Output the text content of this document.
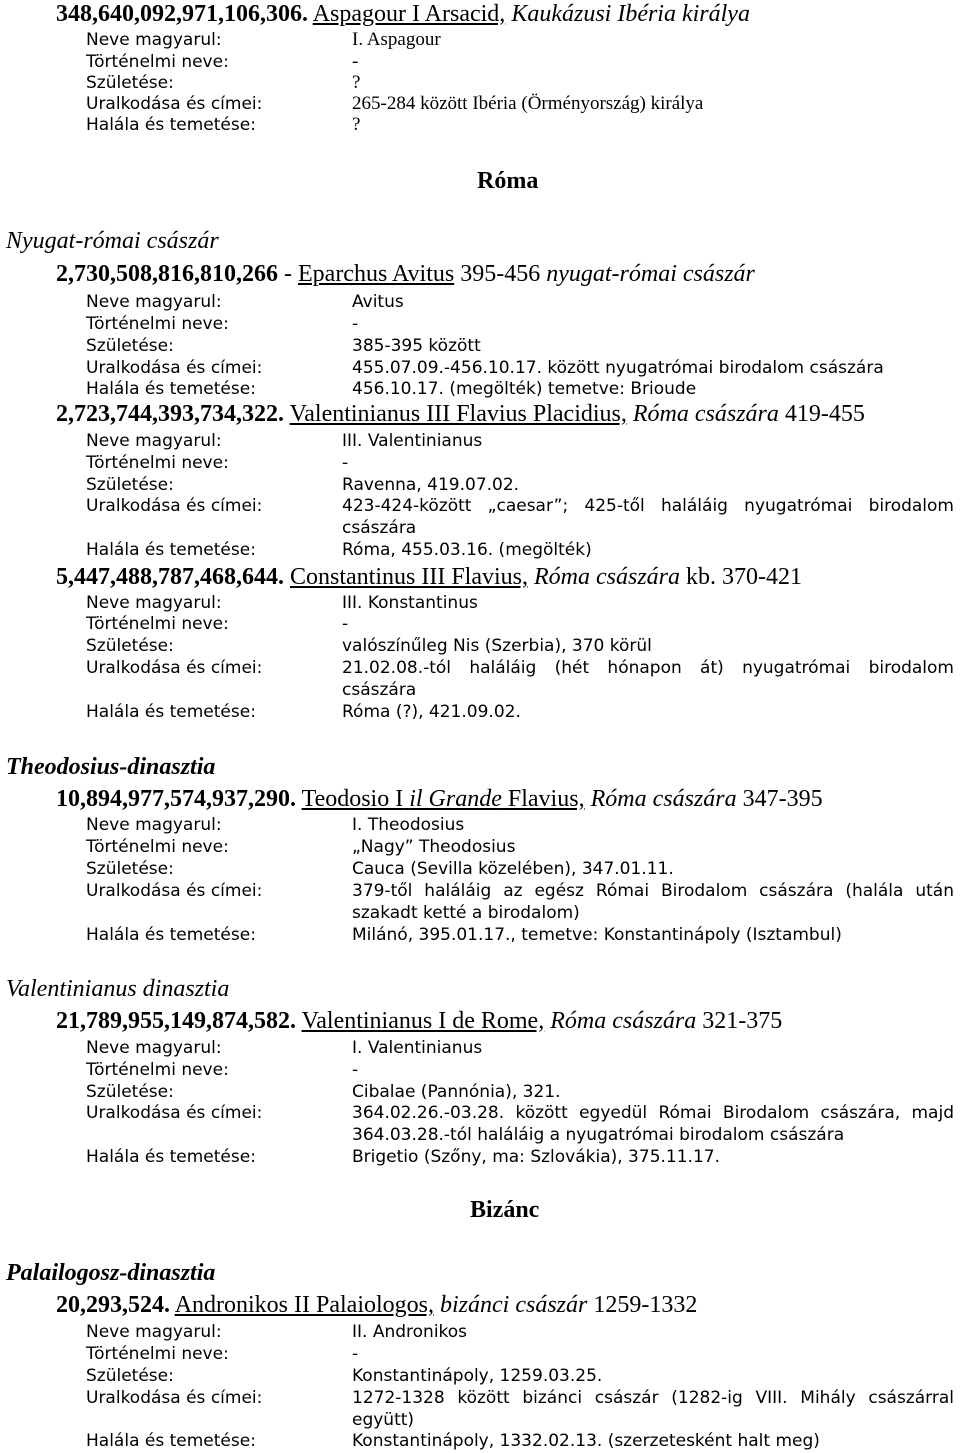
348,640,092,971,106,306. Aspagour I Arsacid, Kaukázusi Ibéria királya
Neve magyarul:	I. Aspagour
Történelmi neve:	-
Születése:	?
Uralkodása és címei:	265-284 között Ibéria (Örményország) királya
Halála és temetése:	?
Róma
Nyugat-római császár
2,730,508,816,810,266 - Eparchus Avitus 395-456 nyugat-római császár
Neve magyarul:	Avitus
Történelmi neve:	-
Születése:	385-395 között
Uralkodása és címei:	455.07.09.-456.10.17. között nyugatrómai birodalom császára
Halála és temetése:	456.10.17. (megölték) temetve: Brioude
2,723,744,393,734,322. Valentinianus III Flavius Placidius, Róma császára 419-455
Neve magyarul:	III. Valentinianus
Történelmi neve:	-
Születése:	Ravenna, 419.07.02.
Uralkodása és címei:	423-424-között „caesar”; 425-től haláláig nyugatrómai birodalom császára
Halála és temetése:	Róma, 455.03.16. (megölték)
5,447,488,787,468,644. Constantinus III Flavius, Róma császára kb. 370-421
Neve magyarul:	III. Konstantinus
Történelmi neve:	-
Születése:	valószínűleg Nis (Szerbia), 370 körül
Uralkodása és címei:	21.02.08.-tól haláláig (hét hónapon át) nyugatrómai birodalom császára
Halála és temetése:	Róma (?), 421.09.02.
Theodosius-dinasztia
10,894,977,574,937,290. Teodosio I il Grande Flavius, Róma császára 347-395
Neve magyarul:	I. Theodosius
Történelmi neve:	„Nagy” Theodosius
Születése:	Cauca (Sevilla közelében), 347.01.11.
Uralkodása és címei:	379-től haláláig az egész Római Birodalom császára (halála után szakadt ketté a birodalom)
Halála és temetése:	Milánó, 395.01.17., temetve: Konstantinápoly (Isztambul)
Valentinianus dinasztia
21,789,955,149,874,582. Valentinianus I de Rome, Róma császára 321-375
Neve magyarul:	I. Valentinianus
Történelmi neve:	-
Születése:	Cibalae (Pannónia), 321.
Uralkodása és címei:	364.02.26.-03.28. között egyedül Római Birodalom császára, majd 364.03.28.-tól haláláig a nyugatrómai birodalom császára
Halála és temetése:	Brigetio (Szőny, ma: Szlovákia), 375.11.17.
Bizánc
Palailogosz-dinasztia
20,293,524. Andronikos II Palaiologos, bizánci császár 1259-1332
Neve magyarul:	II. Andronikos
Történelmi neve:	-
Születése:	Konstantinápoly, 1259.03.25.
Uralkodása és címei:	1272-1328 között bizánci császár (1282-ig VIII. Mihály császárral együtt)
Halála és temetése:	Konstantinápoly, 1332.02.13. (szerzetesként halt meg)
